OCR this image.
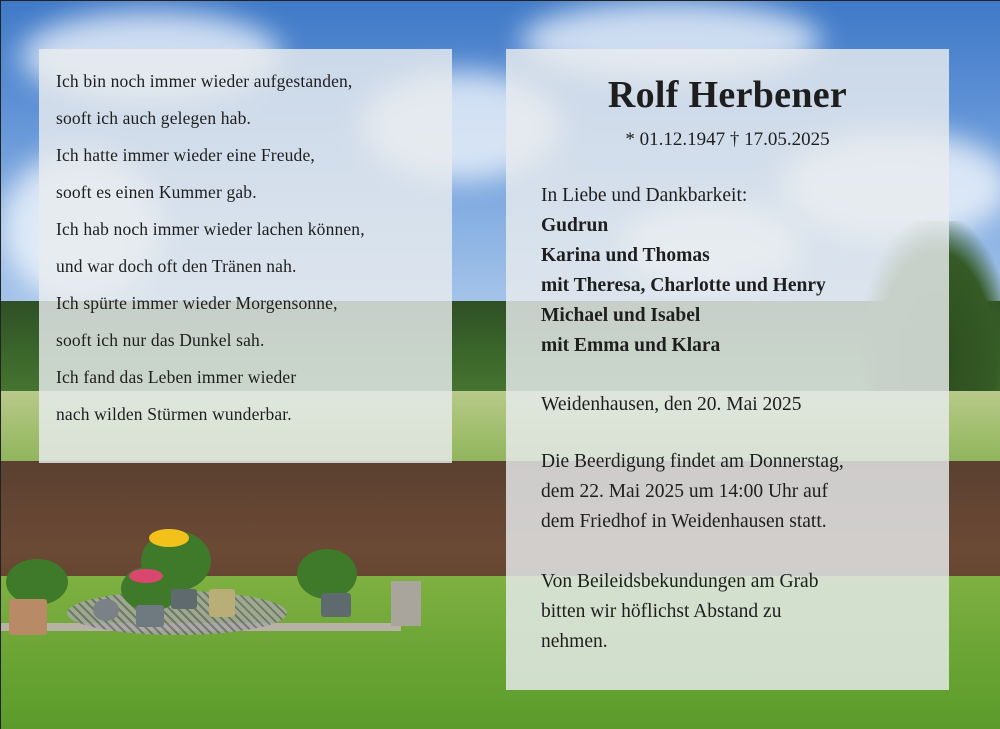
Ich bin noch immer wieder aufgestanden,
sooft ich auch gelegen hab.
Ich hatte immer wieder eine Freude,
sooft es einen Kummer gab.
Ich hab noch immer wieder lachen können,
und war doch oft den Tränen nah.
Ich spürte immer wieder Morgensonne,
sooft ich nur das Dunkel sah.
Ich fand das Leben immer wieder
nach wilden Stürmen wunderbar.
Rolf Herbener
* 01.12.1947 † 17.05.2025
In Liebe und Dankbarkeit:
Gudrun
Karina und Thomas
mit Theresa, Charlotte und Henry
Michael und Isabel
mit Emma und Klara
Weidenhausen, den 20. Mai 2025
Die Beerdigung findet am Donnerstag,
dem 22. Mai 2025 um 14:00 Uhr auf
dem Friedhof in Weidenhausen statt.
Von Beileidsbekundungen am Grab
bitten wir höflichst Abstand zu
nehmen.
